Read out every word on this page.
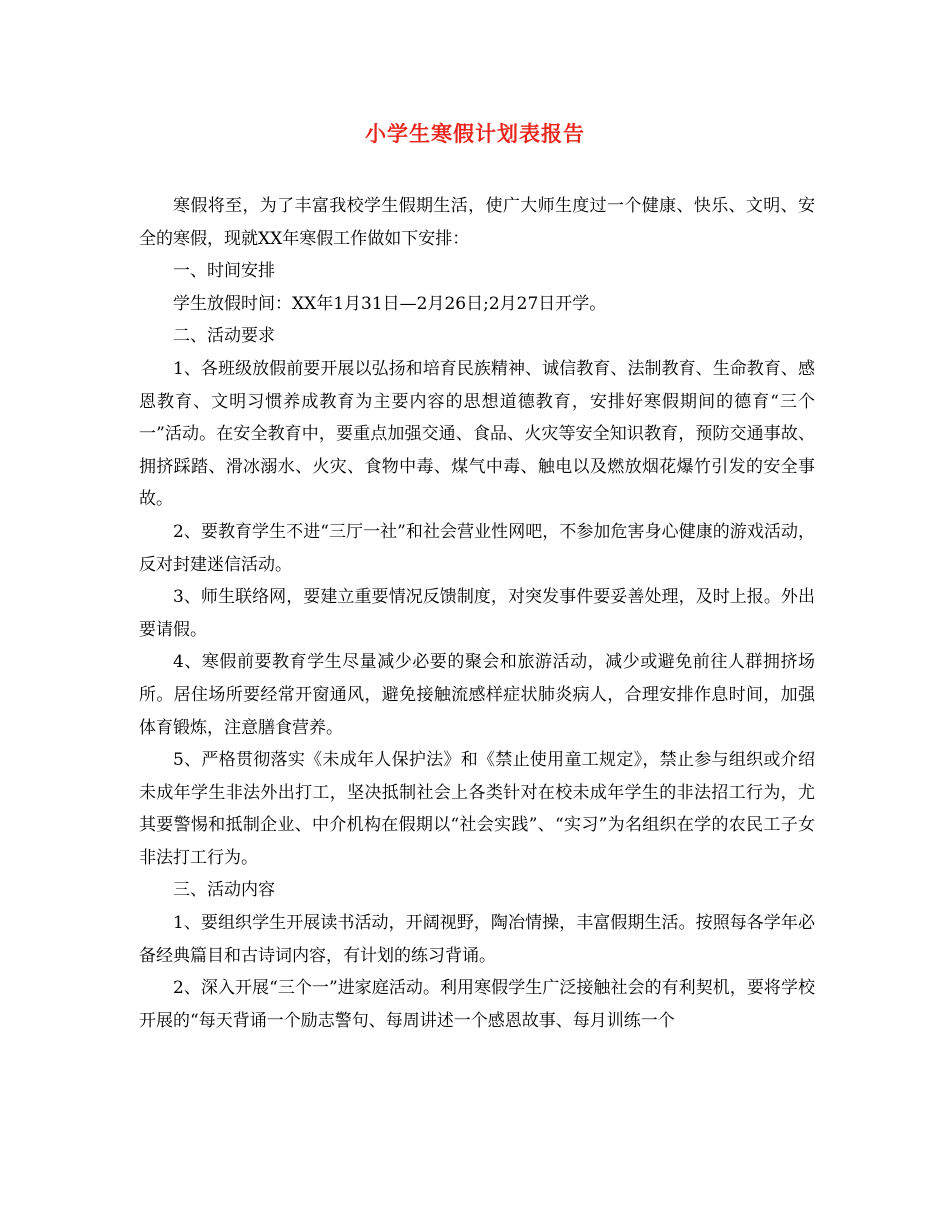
小学生寒假计划表报告

寒假将至，为了丰富我校学生假期生活，使广大师生度过一个健康、快乐、文明、安全的寒假，现就XX年寒假工作做如下安排：

一、时间安排

学生放假时间：XX年1月31日—2月26日;2月27日开学。

二、活动要求

1、各班级放假前要开展以弘扬和培育民族精神、诚信教育、法制教育、生命教育、感恩教育、文明习惯养成教育为主要内容的思想道德教育，安排好寒假期间的德育“三个一”活动。在安全教育中，要重点加强交通、食品、火灾等安全知识教育，预防交通事故、拥挤踩踏、滑冰溺水、火灾、食物中毒、煤气中毒、触电以及燃放烟花爆竹引发的安全事故。

2、要教育学生不进“三厅一社”和社会营业性网吧，不参加危害身心健康的游戏活动，反对封建迷信活动。

3、师生联络网，要建立重要情况反馈制度，对突发事件要妥善处理，及时上报。外出要请假。

4、寒假前要教育学生尽量减少必要的聚会和旅游活动，减少或避免前往人群拥挤场所。居住场所要经常开窗通风，避免接触流感样症状肺炎病人，合理安排作息时间，加强体育锻炼，注意膳食营养。

5、严格贯彻落实《未成年人保护法》和《禁止使用童工规定》，禁止参与组织或介绍未成年学生非法外出打工，坚决抵制社会上各类针对在校未成年学生的非法招工行为，尤其要警惕和抵制企业、中介机构在假期以“社会实践”、“实习”为名组织在学的农民工子女非法打工行为。

三、活动内容

1、要组织学生开展读书活动，开阔视野，陶冶情操，丰富假期生活。按照每各学年必备经典篇目和古诗词内容，有计划的练习背诵。

2、深入开展“三个一”进家庭活动。利用寒假学生广泛接触社会的有利契机，要将学校开展的“每天背诵一个励志警句、每周讲述一个感恩故事、每月训练一个
